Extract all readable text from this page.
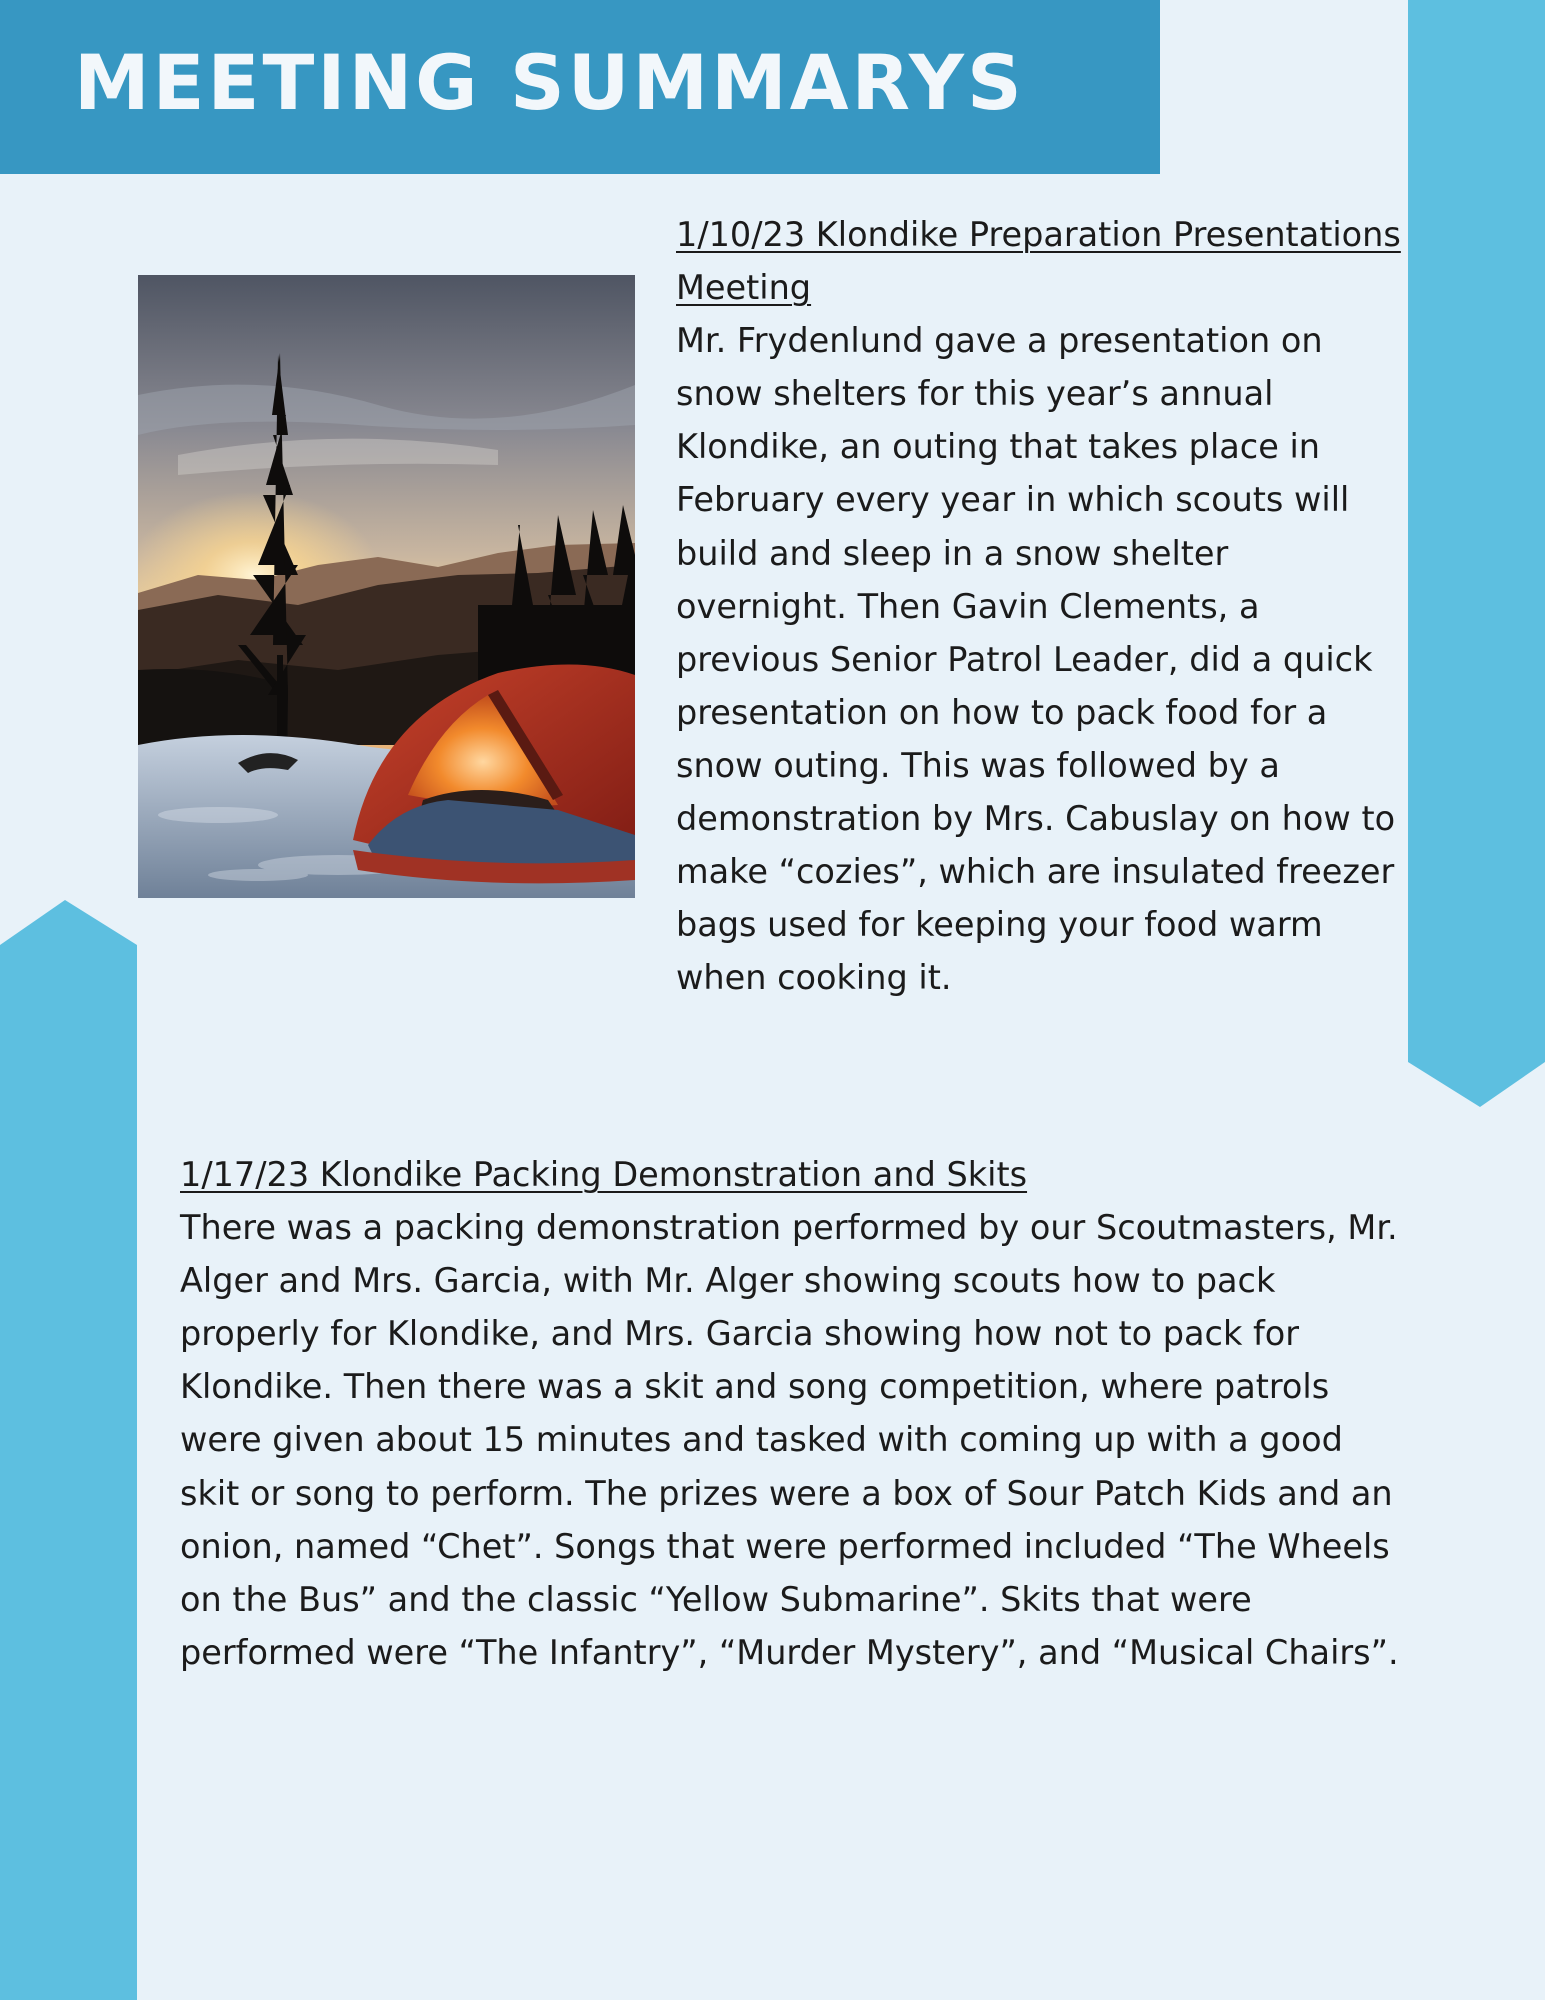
MEETING SUMMARYS

1/10/23 Klondike Preparation Presentations Meeting

Mr. Frydenlund gave a presentation on snow shelters for this year’s annual Klondike, an outing that takes place in February every year in which scouts will build and sleep in a snow shelter overnight. Then Gavin Clements, a previous Senior Patrol Leader, did a quick presentation on how to pack food for a snow outing. This was followed by a demonstration by Mrs. Cabuslay on how to make “cozies”, which are insulated freezer bags used for keeping your food warm when cooking it.

1/17/23 Klondike Packing Demonstration and Skits

There was a packing demonstration performed by our Scoutmasters, Mr. Alger and Mrs. Garcia, with Mr. Alger showing scouts how to pack properly for Klondike, and Mrs. Garcia showing how not to pack for Klondike. Then there was a skit and song competition, where patrols were given about 15 minutes and tasked with coming up with a good skit or song to perform. The prizes were a box of Sour Patch Kids and an onion, named “Chet”. Songs that were performed included “The Wheels on the Bus” and the classic “Yellow Submarine”. Skits that were performed were “The Infantry”, “Murder Mystery”, and “Musical Chairs”.
